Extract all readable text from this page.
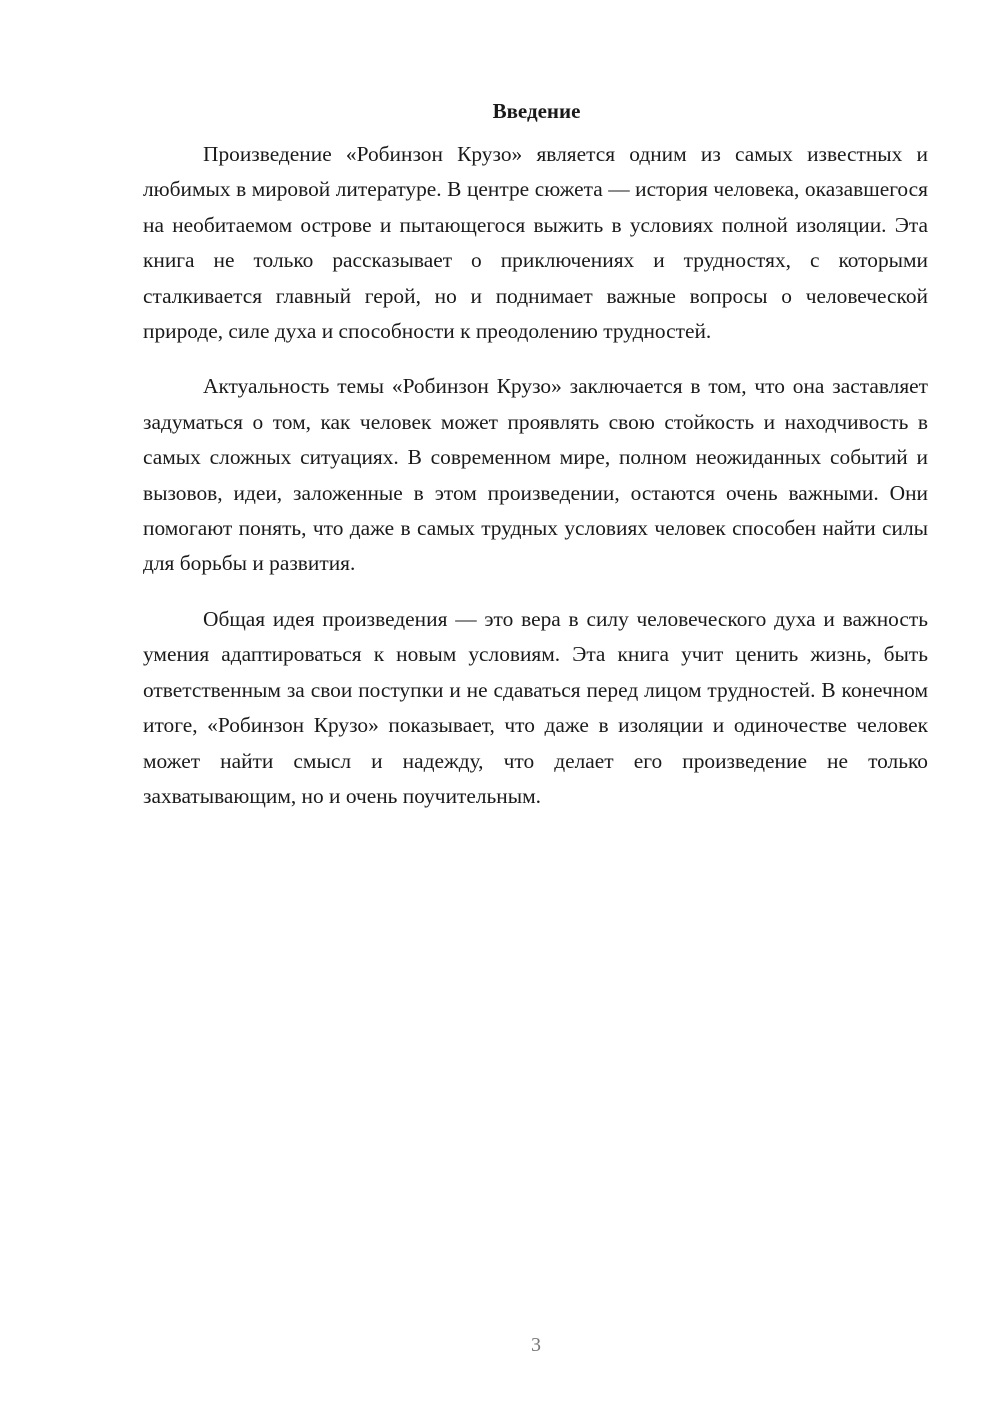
Введение

Произведение «Робинзон Крузо» является одним из самых известных и любимых в мировой литературе. В центре сюжета — история человека, оказавшегося на необитаемом острове и пытающегося выжить в условиях полной изоляции. Эта книга не только рассказывает о приключениях и трудностях, с которыми сталкивается главный герой, но и поднимает важные вопросы о человеческой природе, силе духа и способности к преодолению трудностей.

Актуальность темы «Робинзон Крузо» заключается в том, что она заставляет задуматься о том, как человек может проявлять свою стойкость и находчивость в самых сложных ситуациях. В современном мире, полном неожиданных событий и вызовов, идеи, заложенные в этом произведении, остаются очень важными. Они помогают понять, что даже в самых трудных условиях человек способен найти силы для борьбы и развития.

Общая идея произведения — это вера в силу человеческого духа и важность умения адаптироваться к новым условиям. Эта книга учит ценить жизнь, быть ответственным за свои поступки и не сдаваться перед лицом трудностей. В конечном итоге, «Робинзон Крузо» показывает, что даже в изоляции и одиночестве человек может найти смысл и надежду, что делает его произведение не только захватывающим, но и очень поучительным.

3
